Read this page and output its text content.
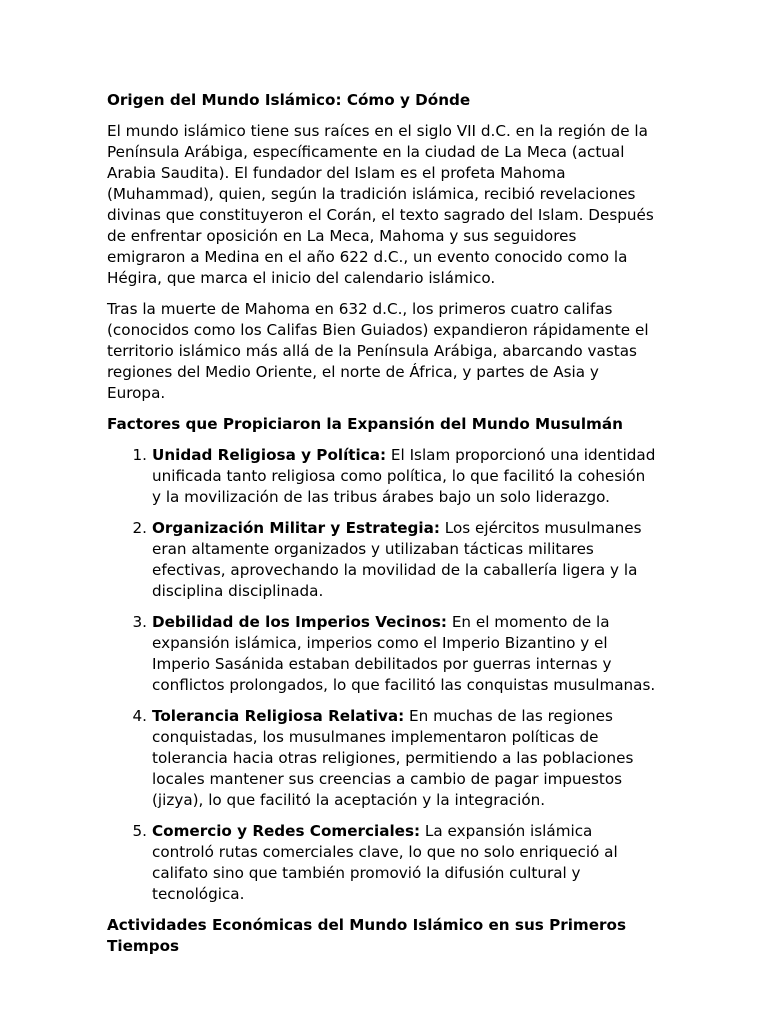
Origen del Mundo Islámico: Cómo y Dónde

El mundo islámico tiene sus raíces en el siglo VII d.C. en la región de la Península Arábiga, específicamente en la ciudad de La Meca (actual Arabia Saudita). El fundador del Islam es el profeta Mahoma (Muhammad), quien, según la tradición islámica, recibió revelaciones divinas que constituyeron el Corán, el texto sagrado del Islam. Después de enfrentar oposición en La Meca, Mahoma y sus seguidores emigraron a Medina en el año 622 d.C., un evento conocido como la Hégira, que marca el inicio del calendario islámico.

Tras la muerte de Mahoma en 632 d.C., los primeros cuatro califas (conocidos como los Califas Bien Guiados) expandieron rápidamente el territorio islámico más allá de la Península Arábiga, abarcando vastas regiones del Medio Oriente, el norte de África, y partes de Asia y Europa.

Factores que Propiciaron la Expansión del Mundo Musulmán
1. Unidad Religiosa y Política: El Islam proporcionó una identidad unificada tanto religiosa como política, lo que facilitó la cohesión y la movilización de las tribus árabes bajo un solo liderazgo.
2. Organización Militar y Estrategia: Los ejércitos musulmanes eran altamente organizados y utilizaban tácticas militares efectivas, aprovechando la movilidad de la caballería ligera y la disciplina disciplinada.
3. Debilidad de los Imperios Vecinos: En el momento de la expansión islámica, imperios como el Imperio Bizantino y el Imperio Sasánida estaban debilitados por guerras internas y conflictos prolongados, lo que facilitó las conquistas musulmanas.
4. Tolerancia Religiosa Relativa: En muchas de las regiones conquistadas, los musulmanes implementaron políticas de tolerancia hacia otras religiones, permitiendo a las poblaciones locales mantener sus creencias a cambio de pagar impuestos (jizya), lo que facilitó la aceptación y la integración.
5. Comercio y Redes Comerciales: La expansión islámica controló rutas comerciales clave, lo que no solo enriqueció al califato sino que también promovió la difusión cultural y tecnológica.
Actividades Económicas del Mundo Islámico en sus Primeros Tiempos
